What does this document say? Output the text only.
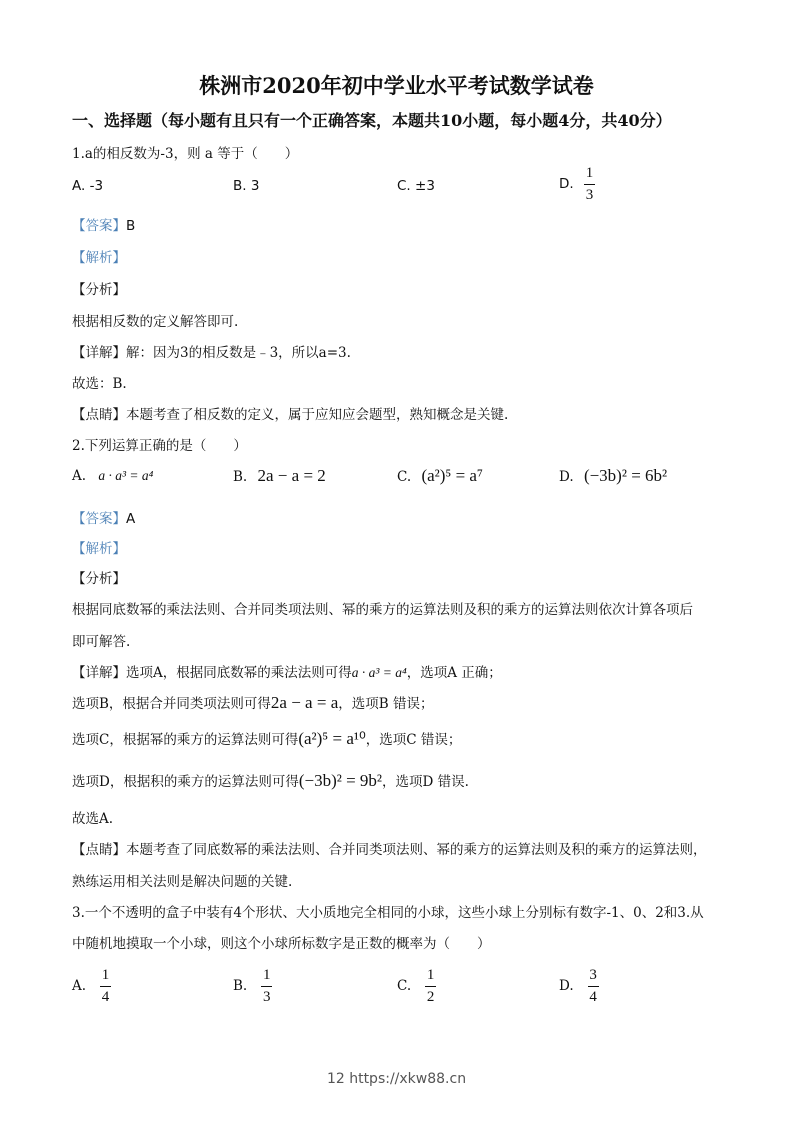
株洲市2020年初中学业水平考试数学试卷
一、选择题（每小题有且只有一个正确答案，本题共10小题，每小题4分，共40分）
1.a的相反数为-3，则 a 等于（　　）
A. -3	B. 3	C. ±3	D. $\frac{1}{3}$
【答案】B
【解析】
【分析】
根据相反数的定义解答即可.
【详解】解：因为3的相反数是﹣3，所以a=3.
故选：B.
【点睛】本题考查了相反数的定义，属于应知应会题型，熟知概念是关键.
2.下列运算正确的是（　　）
A. a · a³ = a⁴	B. 2a − a = 2	C. (a²)⁵ = a⁷	D. (−3b)² = 6b²
【答案】A
【解析】
【分析】
根据同底数幂的乘法法则、合并同类项法则、幂的乘方的运算法则及积的乘方的运算法则依次计算各项后
即可解答.
【详解】选项A，根据同底数幂的乘法法则可得a · a³ = a⁴，选项A 正确；
选项B，根据合并同类项法则可得2a − a = a，选项B 错误；
选项C，根据幂的乘方的运算法则可得(a²)⁵ = a¹⁰，选项C 错误；
选项D，根据积的乘方的运算法则可得(−3b)² = 9b²，选项D 错误.
故选A.
【点睛】本题考查了同底数幂的乘法法则、合并同类项法则、幂的乘方的运算法则及积的乘方的运算法则，
熟练运用相关法则是解决问题的关键.
3.一个不透明的盒子中装有4个形状、大小质地完全相同的小球，这些小球上分别标有数字-1、0、2和3.从
中随机地摸取一个小球，则这个小球所标数字是正数的概率为（　　）
A. $\frac{1}{4}$	B. $\frac{1}{3}$	C. $\frac{1}{2}$	D. $\frac{3}{4}$
12 https://xkw88.cn
